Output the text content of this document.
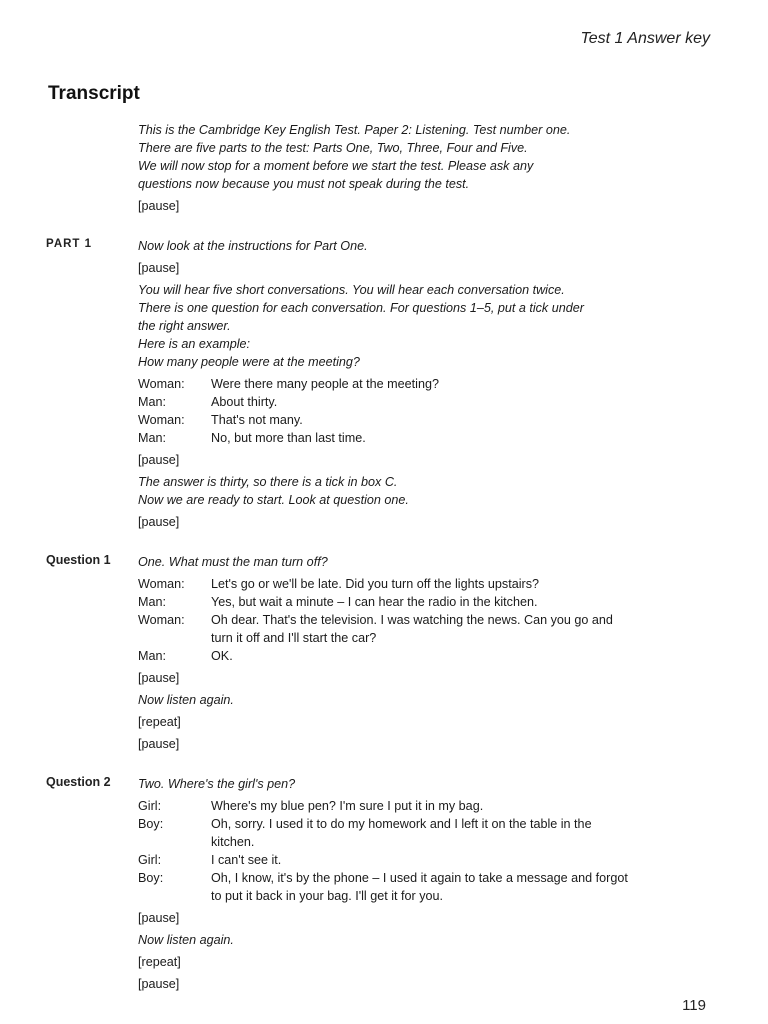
Test 1 Answer key
Transcript
This is the Cambridge Key English Test. Paper 2: Listening. Test number one.
There are five parts to the test: Parts One, Two, Three, Four and Five.
We will now stop for a moment before we start the test. Please ask any
questions now because you must not speak during the test.
[pause]
PART 1	Now look at the instructions for Part One.
[pause]
You will hear five short conversations. You will hear each conversation twice.
There is one question for each conversation. For questions 1–5, put a tick under
the right answer.
Here is an example:
How many people were at the meeting?
Woman:	Were there many people at the meeting?
Man:	About thirty.
Woman:	That's not many.
Man:	No, but more than last time.
[pause]
The answer is thirty, so there is a tick in box C.
Now we are ready to start. Look at question one.
[pause]
Question 1 One. What must the man turn off?
Woman:	Let's go or we'll be late. Did you turn off the lights upstairs?
Man:	Yes, but wait a minute – I can hear the radio in the kitchen.
Woman:	Oh dear. That's the television. I was watching the news. Can you go and turn it off and I'll start the car?
Man:	OK.
[pause]
Now listen again.
[repeat]
[pause]
Question 2 Two. Where's the girl's pen?
Girl:	Where's my blue pen? I'm sure I put it in my bag.
Boy:	Oh, sorry. I used it to do my homework and I left it on the table in the kitchen.
Girl:	I can't see it.
Boy:	Oh, I know, it's by the phone – I used it again to take a message and forgot to put it back in your bag. I'll get it for you.
[pause]
Now listen again.
[repeat]
[pause]
119
